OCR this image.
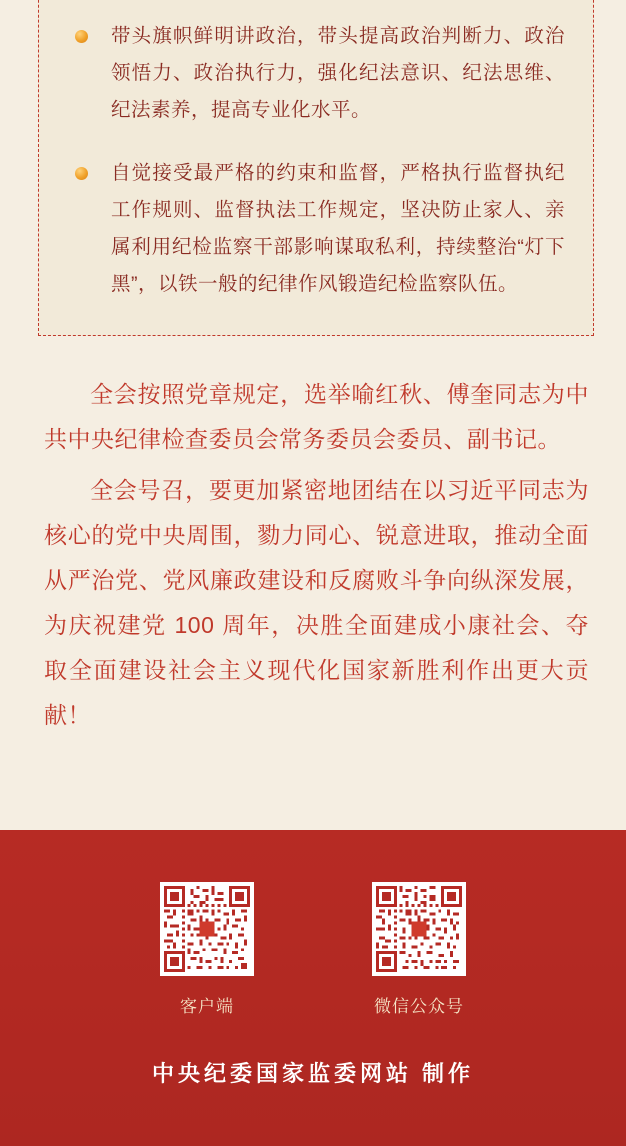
带头旗帜鲜明讲政治，带头提高政治判断力、政治领悟力、政治执行力，强化纪法意识、纪法思维、纪法素养，提高专业化水平。
自觉接受最严格的约束和监督，严格执行监督执纪工作规则、监督执法工作规定，坚决防止家人、亲属利用纪检监察干部影响谋取私利，持续整治“灯下黑”，以铁一般的纪律作风锻造纪检监察队伍。

全会按照党章规定，选举喻红秋、傅奎同志为中共中央纪律检查委员会常务委员会委员、副书记。

全会号召，要更加紧密地团结在以习近平同志为核心的党中央周围，勠力同心、锐意进取，推动全面从严治党、党风廉政建设和反腐败斗争向纵深发展，为庆祝建党 100 周年，决胜全面建成小康社会、夺取全面建设社会主义现代化国家新胜利作出更大贡献！

客户端	微信公众号
中央纪委国家监委网站 制作
